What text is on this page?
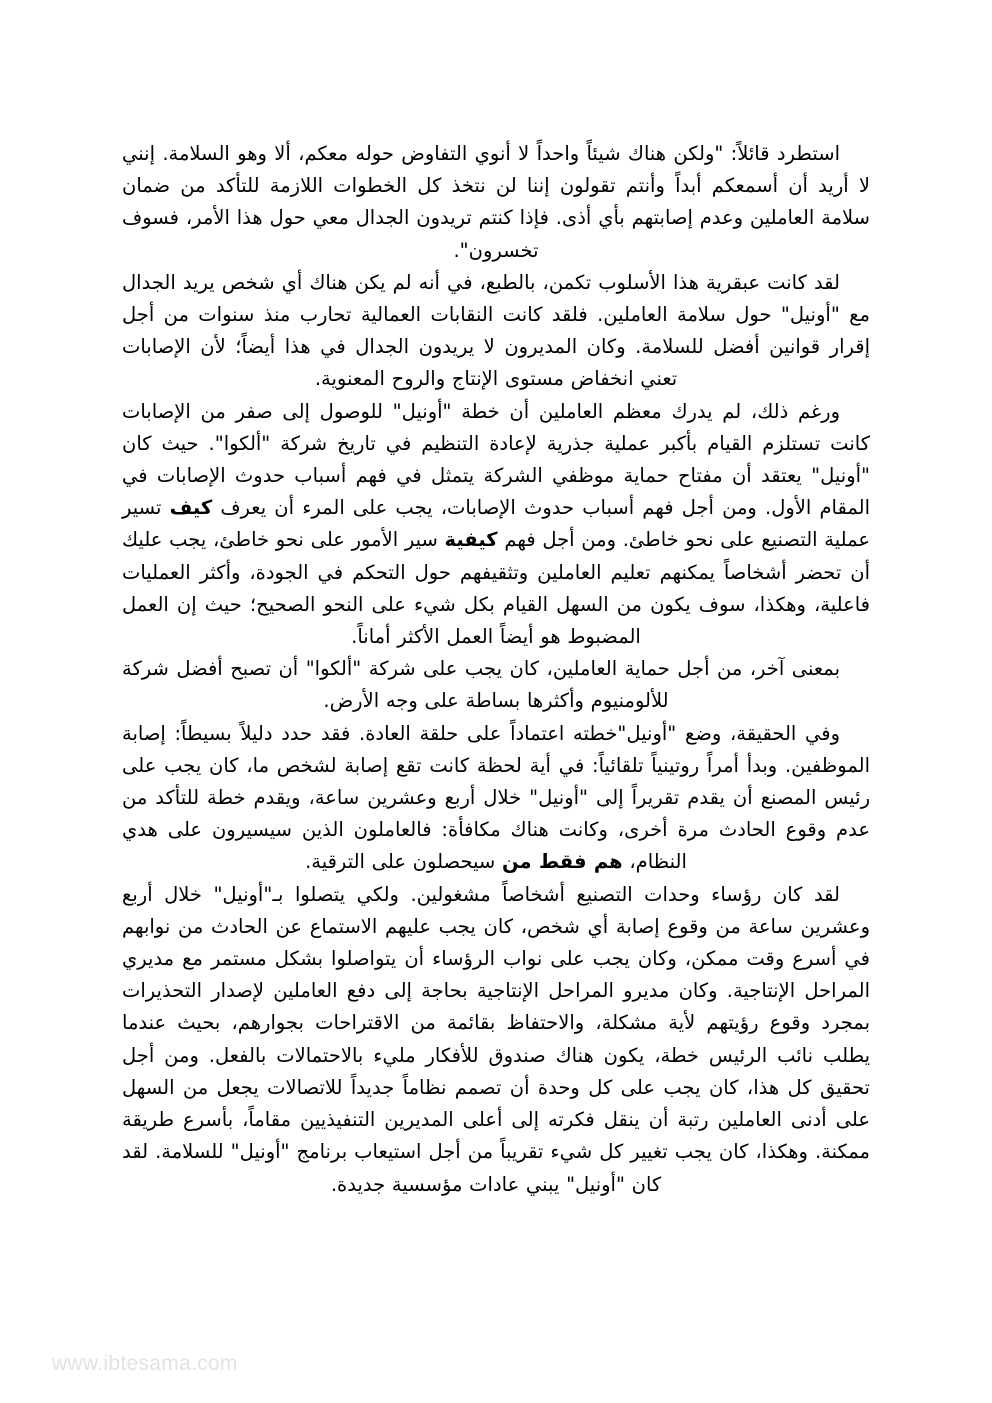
استطرد قائلاً: "ولكن هناك شيئاً واحداً لا أنوي التفاوض حوله معكم، ألا وهو السلامة. إنني لا أريد أن أسمعكم أبداً وأنتم تقولون إننا لن نتخذ كل الخطوات اللازمة للتأكد من ضمان سلامة العاملين وعدم إصابتهم بأي أذى. فإذا كنتم تريدون الجدال معي حول هذا الأمر، فسوف تخسرون".

لقد كانت عبقرية هذا الأسلوب تكمن، بالطبع، في أنه لم يكن هناك أي شخص يريد الجدال مع "أونيل" حول سلامة العاملين. فلقد كانت النقابات العمالية تحارب منذ سنوات من أجل إقرار قوانين أفضل للسلامة. وكان المديرون لا يريدون الجدال في هذا أيضاً؛ لأن الإصابات تعني انخفاض مستوى الإنتاج والروح المعنوية.

ورغم ذلك، لم يدرك معظم العاملين أن خطة "أونيل" للوصول إلى صفر من الإصابات كانت تستلزم القيام بأكبر عملية جذرية لإعادة التنظيم في تاريخ شركة "ألكوا". حيث كان "أونيل" يعتقد أن مفتاح حماية موظفي الشركة يتمثل في فهم أسباب حدوث الإصابات في المقام الأول. ومن أجل فهم أسباب حدوث الإصابات، يجب على المرء أن يعرف كيف تسير عملية التصنيع على نحو خاطئ. ومن أجل فهم كيفية سير الأمور على نحو خاطئ، يجب عليك أن تحضر أشخاصاً يمكنهم تعليم العاملين وتثقيفهم حول التحكم في الجودة، وأكثر العمليات فاعلية، وهكذا، سوف يكون من السهل القيام بكل شيء على النحو الصحيح؛ حيث إن العمل المضبوط هو أيضاً العمل الأكثر أماناً.

بمعنى آخر، من أجل حماية العاملين، كان يجب على شركة "ألكوا" أن تصبح أفضل شركة للألومنيوم وأكثرها بساطة على وجه الأرض.

وفي الحقيقة، وضع "أونيل"خطته اعتماداً على حلقة العادة. فقد حدد دليلاً بسيطاً: إصابة الموظفين. وبدأ أمراً روتينياً تلقائياً: في أية لحظة كانت تقع إصابة لشخص ما، كان يجب على رئيس المصنع أن يقدم تقريراً إلى "أونيل" خلال أربع وعشرين ساعة، ويقدم خطة للتأكد من عدم وقوع الحادث مرة أخرى، وكانت هناك مكافأة: فالعاملون الذين سيسيرون على هدي النظام، هم فقط من سيحصلون على الترقية.

لقد كان رؤساء وحدات التصنيع أشخاصاً مشغولين. ولكي يتصلوا بـ"أونيل" خلال أربع وعشرين ساعة من وقوع إصابة أي شخص، كان يجب عليهم الاستماع عن الحادث من نوابهم في أسرع وقت ممكن، وكان يجب على نواب الرؤساء أن يتواصلوا بشكل مستمر مع مديري المراحل الإنتاجية. وكان مديرو المراحل الإنتاجية بحاجة إلى دفع العاملين لإصدار التحذيرات بمجرد وقوع رؤيتهم لأية مشكلة، والاحتفاظ بقائمة من الاقتراحات بجوارهم، بحيث عندما يطلب نائب الرئيس خطة، يكون هناك صندوق للأفكار مليء بالاحتمالات بالفعل. ومن أجل تحقيق كل هذا، كان يجب على كل وحدة أن تصمم نظاماً جديداً للاتصالات يجعل من السهل على أدنى العاملين رتبة أن ينقل فكرته إلى أعلى المديرين التنفيذيين مقاماً، بأسرع طريقة ممكنة. وهكذا، كان يجب تغيير كل شيء تقريباً من أجل استيعاب برنامج "أونيل" للسلامة. لقد كان "أونيل" يبني عادات مؤسسية جديدة.

www.ibtesama.com
